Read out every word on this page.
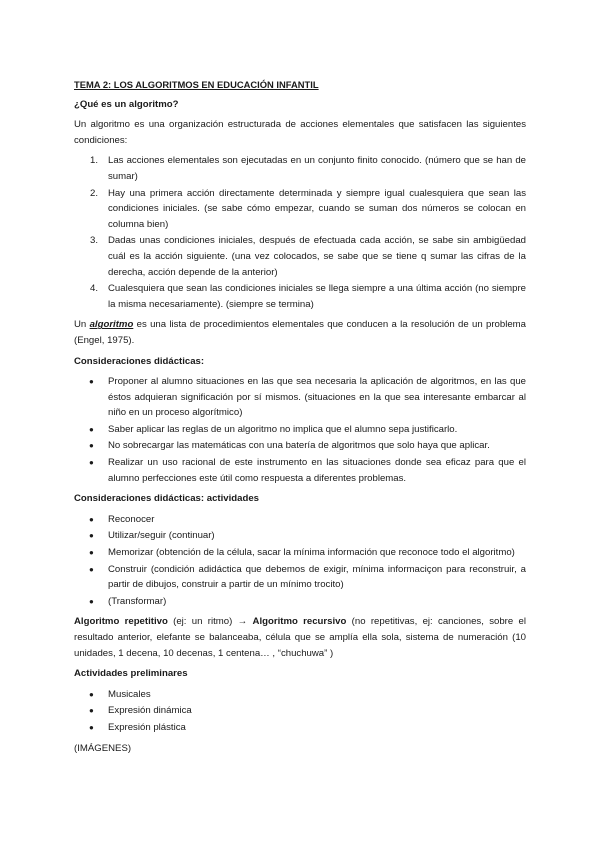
TEMA 2: LOS ALGORITMOS EN EDUCACIÓN INFANTIL
¿Qué es un algoritmo?

Un algoritmo es una organización estructurada de acciones elementales que satisfacen las siguientes condiciones:

1. Las acciones elementales son ejecutadas en un conjunto finito conocido. (número que se han de sumar)
2. Hay una primera acción directamente determinada y siempre igual cualesquiera que sean las condiciones iniciales. (se sabe cómo empezar, cuando se suman dos números se colocan en columna bien)
3. Dadas unas condiciones iniciales, después de efectuada cada acción, se sabe sin ambigüedad cuál es la acción siguiente. (una vez colocados, se sabe que se tiene q sumar las cifras de la derecha, acción depende de la anterior)
4. Cualesquiera que sean las condiciones iniciales se llega siempre a una última acción (no siempre la misma necesariamente). (siempre se termina)

Un algoritmo es una lista de procedimientos elementales que conducen a la resolución de un problema (Engel, 1975).

Consideraciones didácticas:
● Proponer al alumno situaciones en las que sea necesaria la aplicación de algoritmos, en las que éstos adquieran significación por sí mismos. (situaciones en la que sea interesante embarcar al niño en un proceso algorítmico)
● Saber aplicar las reglas de un algoritmo no implica que el alumno sepa justificarlo.
● No sobrecargar las matemáticas con una batería de algoritmos que solo haya que aplicar.
● Realizar un uso racional de este instrumento en las situaciones donde sea eficaz para que el alumno perfecciones este útil como respuesta a diferentes problemas.
Consideraciones didácticas: actividades
● Reconocer
● Utilizar/seguir (continuar)
● Memorizar (obtención de la célula, sacar la mínima información que reconoce todo el algoritmo)
● Construir (condición adidáctica que debemos de exigir, mínima informaciçon para reconstruir, a partir de dibujos, construir a partir de un mínimo trocito)
● (Transformar)

Algoritmo repetitivo (ej: un ritmo) → Algoritmo recursivo (no repetitivas, ej: canciones, sobre el resultado anterior, elefante se balanceaba, célula que se amplía ella sola, sistema de numeración (10 unidades, 1 decena, 10 decenas, 1 centena… , “chuchuwa” )

Actividades preliminares
● Musicales
● Expresión dinámica
● Expresión plástica

(IMÁGENES)
